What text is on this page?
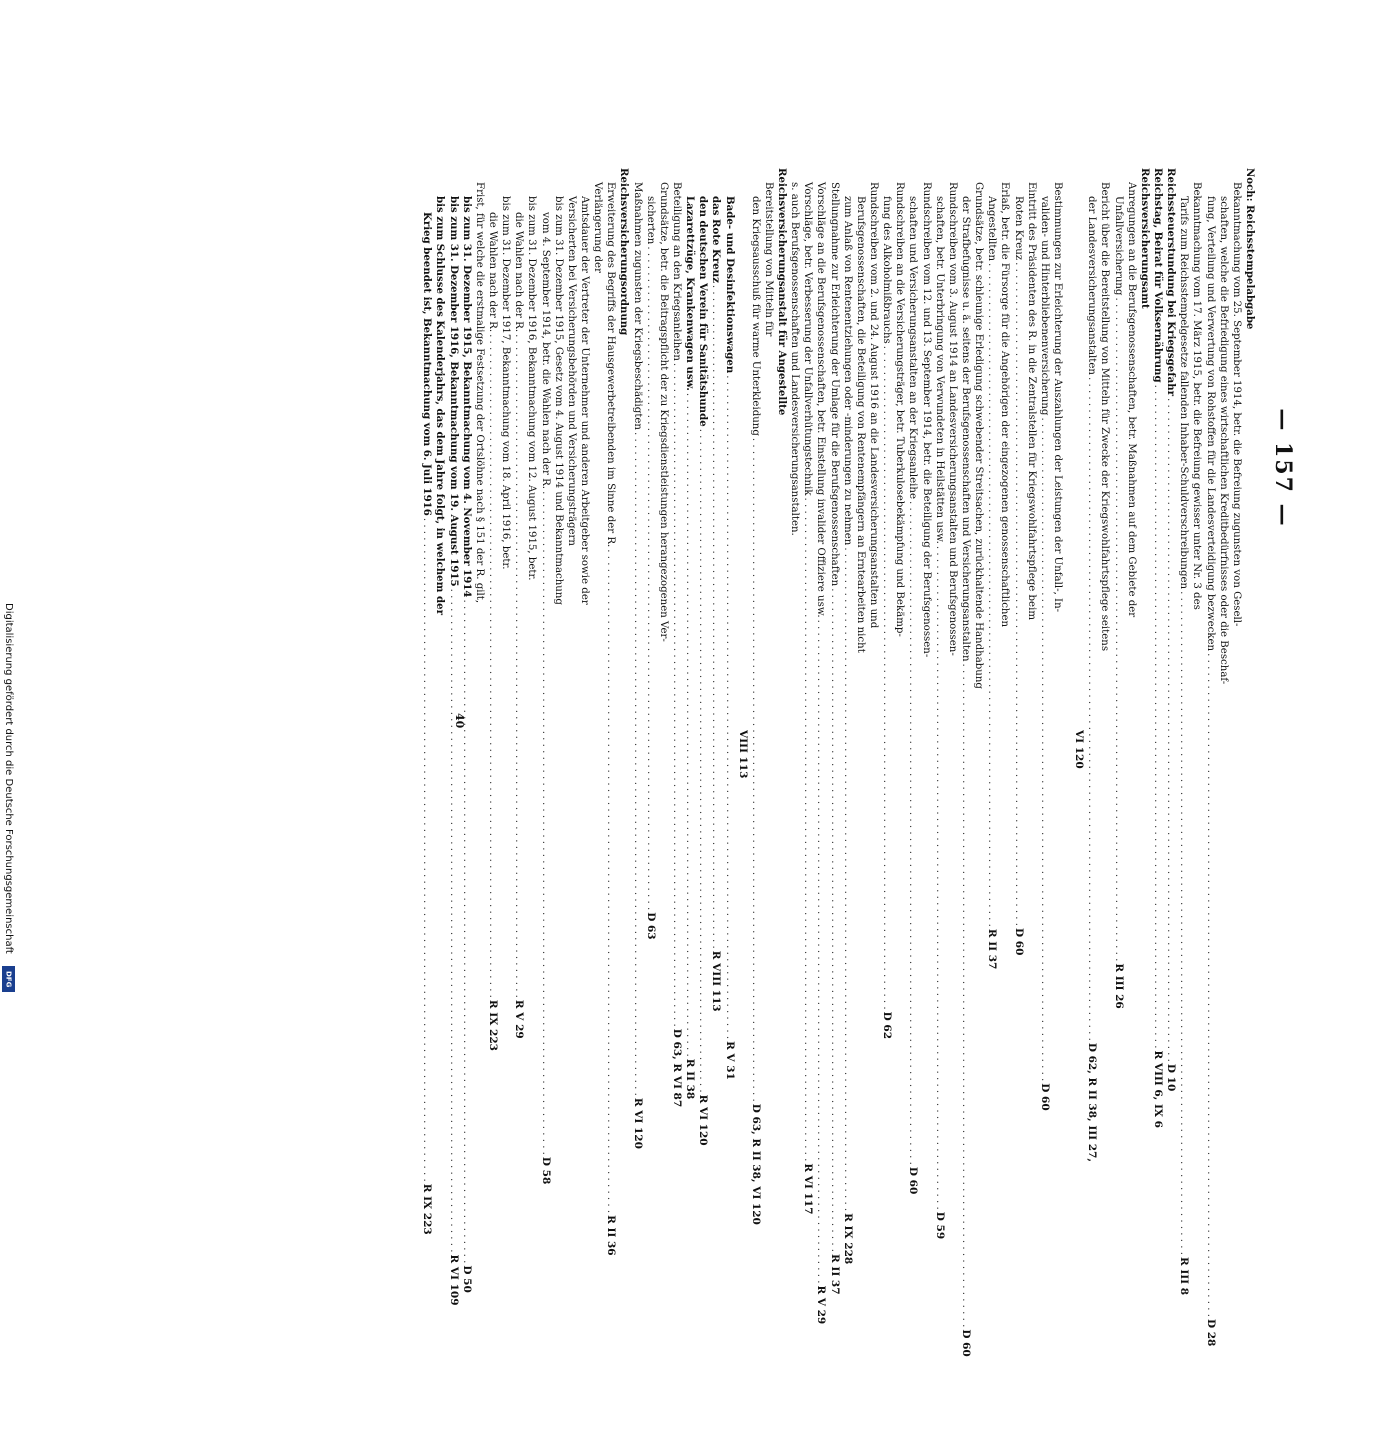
— 157 —
Noch: Reichsstempelabgabe
Bekanntmachung vom 25. September 1914, betr. die Befreiung zugunsten von Gesell-
schaften, welche die Befriedigung eines wirtschaftlichen Kreditbedürfnisses oder die Beschaf-
fung, Verteilung und Verwertung von Rohstoffen für die Landesverteidigung bezwecken
. . .
D 28
Bekanntmachung vom 17. März 1915, betr. die Befreiung gewisser unter Nr. 3 des
Tarifs zum Reichsstempelgesetze fallenden Inhaber-Schuldverschreibungen
. . .
R III 8
Reichssteuerstundung bei Kriegsgefahr
. . .
D 10
Reichstag, Beirat für Volksernährung
. . .
R VIII 6, IX 6
Reichsversicherungsamt
Anregungen an die Berufsgenossenschaften, betr. Maßnahmen auf dem Gebiete der
Unfallversicherung
. . .
R III 26
Bericht über die Bereitstellung von Mitteln für Zwecke der Kriegswohlfahrtspflege seitens
der Landesversicherungsanstalten
. . .
D 62, R II 38, III 27,
VI 120
Bestimmungen zur Erleichterung der Auszahlungen der Leistungen der Unfall-, In-
validen- und Hinterbliebenenversicherung
. . .
D 60
Eintritt des Präsidenten des R. in die Zentralstellen für Kriegswohlfahrtspflege beim
Roten Kreuz
. . .
D 60
Erlaß, betr. die Fürsorge für die Angehörigen der eingezogenen genossenschaftlichen
Angestellten
. . .
R II 37
Grundsätze, betr. schleunige Erledigung schwebender Streitsachen, zurückhaltende Handhabung
der Strafbefugnisse u. ä. seitens der Berufsgenossenschaften und Versicherungsanstalten
. . .
D 60
Rundschreiben vom 3. August 1914 an Landesversicherungsanstalten und Berufsgenossen-
schaften, betr. Unterbringung von Verwundeten in Heilstätten usw.
. . .
D 59
Rundschreiben vom 12. und 13. September 1914, betr. die Beteiligung der Berufsgenossen-
schaften und Versicherungsanstalten an der Kriegsanleihe
. . .
D 60
Rundschreiben an die Versicherungsträger, betr. Tuberkulosebekämpfung und Bekämp-
fung des Alkoholmißbrauchs
. . .
D 62
Rundschreiben vom 2. und 24. August 1916 an die Landesversicherungsanstalten und
Berufsgenossenschaften, die Beteiligung von Rentenempfängern an Erntearbeiten nicht
zum Anlaß von Rentenentziehungen oder -minderungen zu nehmen
. . .
R IX 228
Stellungnahme zur Erleichterung der Umlage für die Berufsgenossenschaften
. . .
R II 37
Vorschläge an die Berufsgenossenschaften, betr. Einstellung invalider Offiziere usw.
. . .
R V 29
Vorschläge, betr. Verbesserung der Unfallverhütungstechnik
. . .
R VI 117
s. auch Berufsgenossenschaften und Landesversicherungsanstalten.
Reichsversicherungsanstalt für Angestellte
Bereitstellung von Mitteln für
den Kriegsausschuß für warme Unterkleidung
. . .
D 63, R II 38, VI 120
VIII 113
Bade- und Desinfektionswagen
. . .
R V 31
das Rote Kreuz
. . .
R VIII 113
den deutschen Verein für Sanitätshunde
. . .
R VI 120
Lazarettzüge, Krankenwagen usw.
. . .
R II 38
Beteiligung an den Kriegsanleihen
. . .
D 63, R VI 87
Grundsätze, betr. die Beitragspflicht der zu Kriegsdienstleistungen herangezogenen Ver-
sicherten
. . .
D 63
Maßnahmen zugunsten der Kriegsbeschädigten
. . .
R VI 120
Reichsversicherungsordnung
Erweiterung des Begriffs der Hausgewerbetreibenden im Sinne der R.
. . .
R II 36
Verlängerung der
Amtsdauer der Vertreter der Unternehmer und anderen Arbeitgeber sowie der
Versicherten bei Versicherungsbehörden und Versicherungsträgern
bis zum 31. Dezember 1915, Gesetz vom 4. August 1914 und Bekanntmachung
vom 4. September 1914, betr. die Wahlen nach der R.
. . .
D 58
bis zum 31. Dezember 1916, Bekanntmachung vom 12. August 1915, betr.
die Wahlen nach der R.
. . .
R V 29
bis zum 31. Dezember 1917, Bekanntmachung vom 18. April 1916, betr.
die Wahlen nach der R.
. . .
R IX 223
Frist, für welche die erstmalige Festsetzung der Ortslöhne nach § 151 der R. gilt,
bis zum 31. Dezember 1915, Bekanntmachung vom 4. November 1914
. . .
D 50
bis zum 31. Dezember 1916, Bekanntmachung vom 19. August 1915
. . .
R VI 109
bis zum Schlusse des Kalenderjahrs, das dem Jahre folgt, in welchem der
Krieg beendet ist, Bekanntmachung vom 6. Juli 1916
. . .
R IX 223
40
Digitalisierung gefördert durch die Deutsche Forschungsgemeinschaft
DFG
